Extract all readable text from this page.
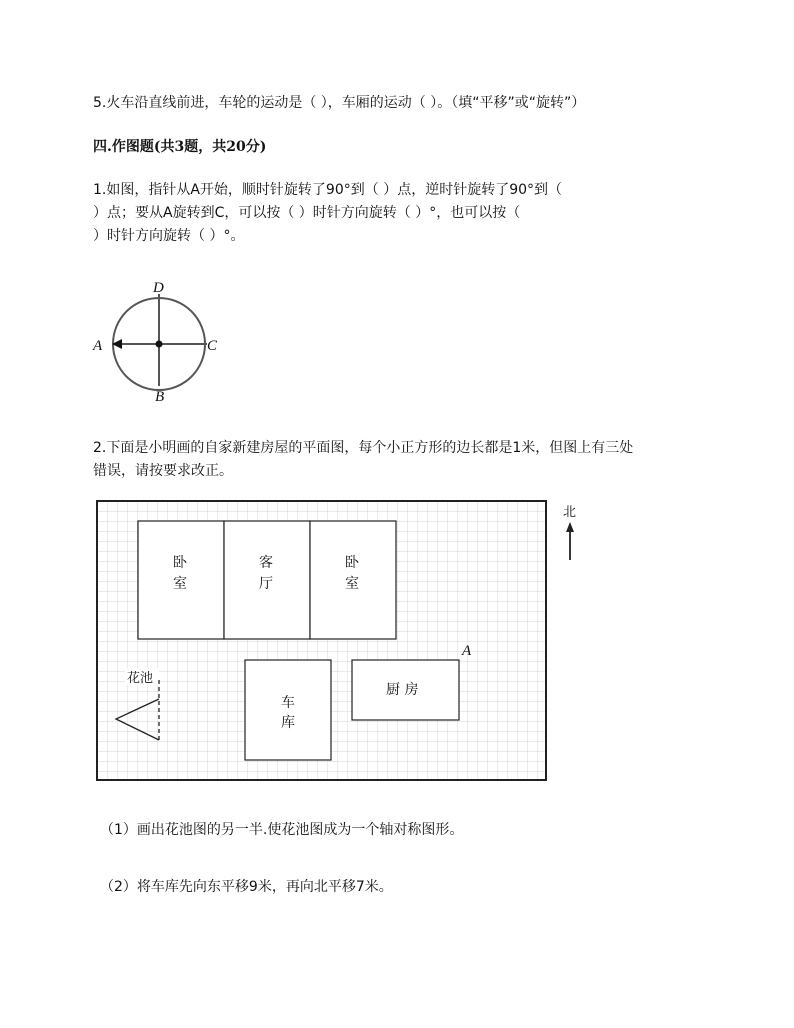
5.火车沿直线前进，车轮的运动是（ ），车厢的运动（ ）。（填“平移”或“旋转”）
四.作图题(共3题，共20分)
1.如图，指针从A开始，顺时针旋转了90°到（ ）点，逆时针旋转了90°到（
）点；要从A旋转到C，可以按（ ）时针方向旋转（ ）°，也可以按（
）时针方向旋转（ ）°。
D
A	C
B
2.下面是小明画的自家新建房屋的平面图，每个小正方形的边长都是1米，但图上有三处
错误，请按要求改正。
卧
室
客
厅
卧
室
车
库
厨 房
A
花池
北
（1）画出花池图的另一半.使花池图成为一个轴对称图形。
（2）将车库先向东平移9米，再向北平移7米。
